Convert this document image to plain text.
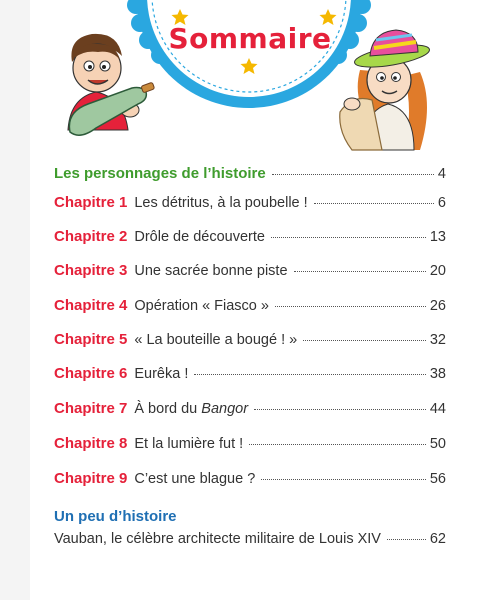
Sommaire
Les personnages de l’histoire	4
Chapitre 1 Les détritus, à la poubelle !	6
Chapitre 2 Drôle de découverte	13
Chapitre 3 Une sacrée bonne piste	20
Chapitre 4 Opération « Fiasco »	26
Chapitre 5 « La bouteille a bougé ! »	32
Chapitre 6 Eurêka !	38
Chapitre 7 À bord du Bangor	44
Chapitre 8 Et la lumière fut !	50
Chapitre 9 C’est une blague ?	56
Un peu d’histoire
Vauban, le célèbre architecte militaire de Louis XIV	62
